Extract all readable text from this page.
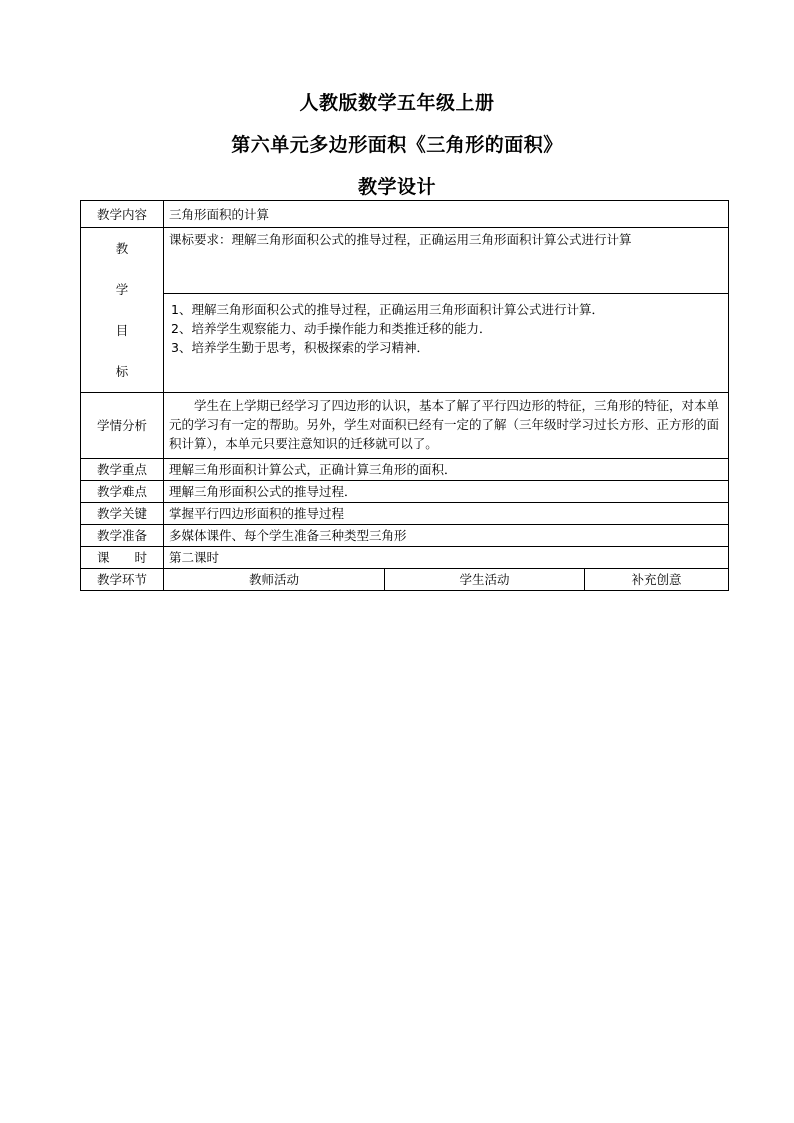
人教版数学五年级上册
第六单元多边形面积《三角形的面积》
教学设计
教学内容	三角形面积的计算		

教
学
目
标	课标要求：理解三角形面积公式的推导过程，正确运用三角形面积计算公式进行计算		

	1、理解三角形面积公式的推导过程，正确运用三角形面积计算公式进行计算．
2、培养学生观察能力、动手操作能力和类推迁移的能力．
3、培养学生勤于思考，积极探索的学习精神．		

学情分析	学生在上学期已经学习了四边形的认识，基本了解了平行四边形的特征，三角形的特征，对本单元的学习有一定的帮助。另外，学生对面积已经有一定的了解（三年级时学习过长方形、正方形的面积计算），本单元只要注意知识的迁移就可以了。		
教学重点	理解三角形面积计算公式，正确计算三角形的面积．		
教学难点	理解三角形面积公式的推导过程．		
教学关键	掌握平行四边形面积的推导过程		
教学准备	多媒体课件、每个学生准备三种类型三角形		
课　　时	第二课时		
教学环节	教师活动	学生活动	补充创意
